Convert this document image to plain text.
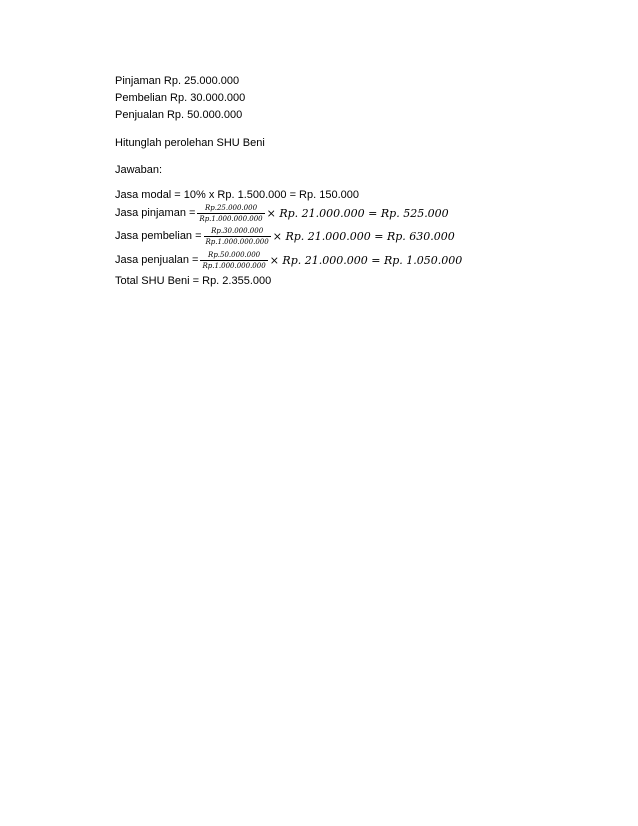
Pinjaman Rp. 25.000.000
Pembelian Rp. 30.000.000
Penjualan Rp. 50.000.000
Hitunglah perolehan SHU Beni
Jawaban:
Jasa modal = 10% x Rp. 1.500.000 = Rp. 150.000
Jasa pinjaman = $\frac{Rp.25.000.000}{Rp.1.000.000.000} \times Rp$. 21.000.000 = Rp. 525.000
Jasa pembelian = $\frac{Rp.30.000.000}{Rp.1.000.000.000} \times Rp$. 21.000.000 = Rp. 630.000
Jasa penjualan = $\frac{Rp.50.000.000}{Rp.1.000.000.000} \times Rp$. 21.000.000 = Rp. 1.050.000
Total SHU Beni = Rp. 2.355.000
